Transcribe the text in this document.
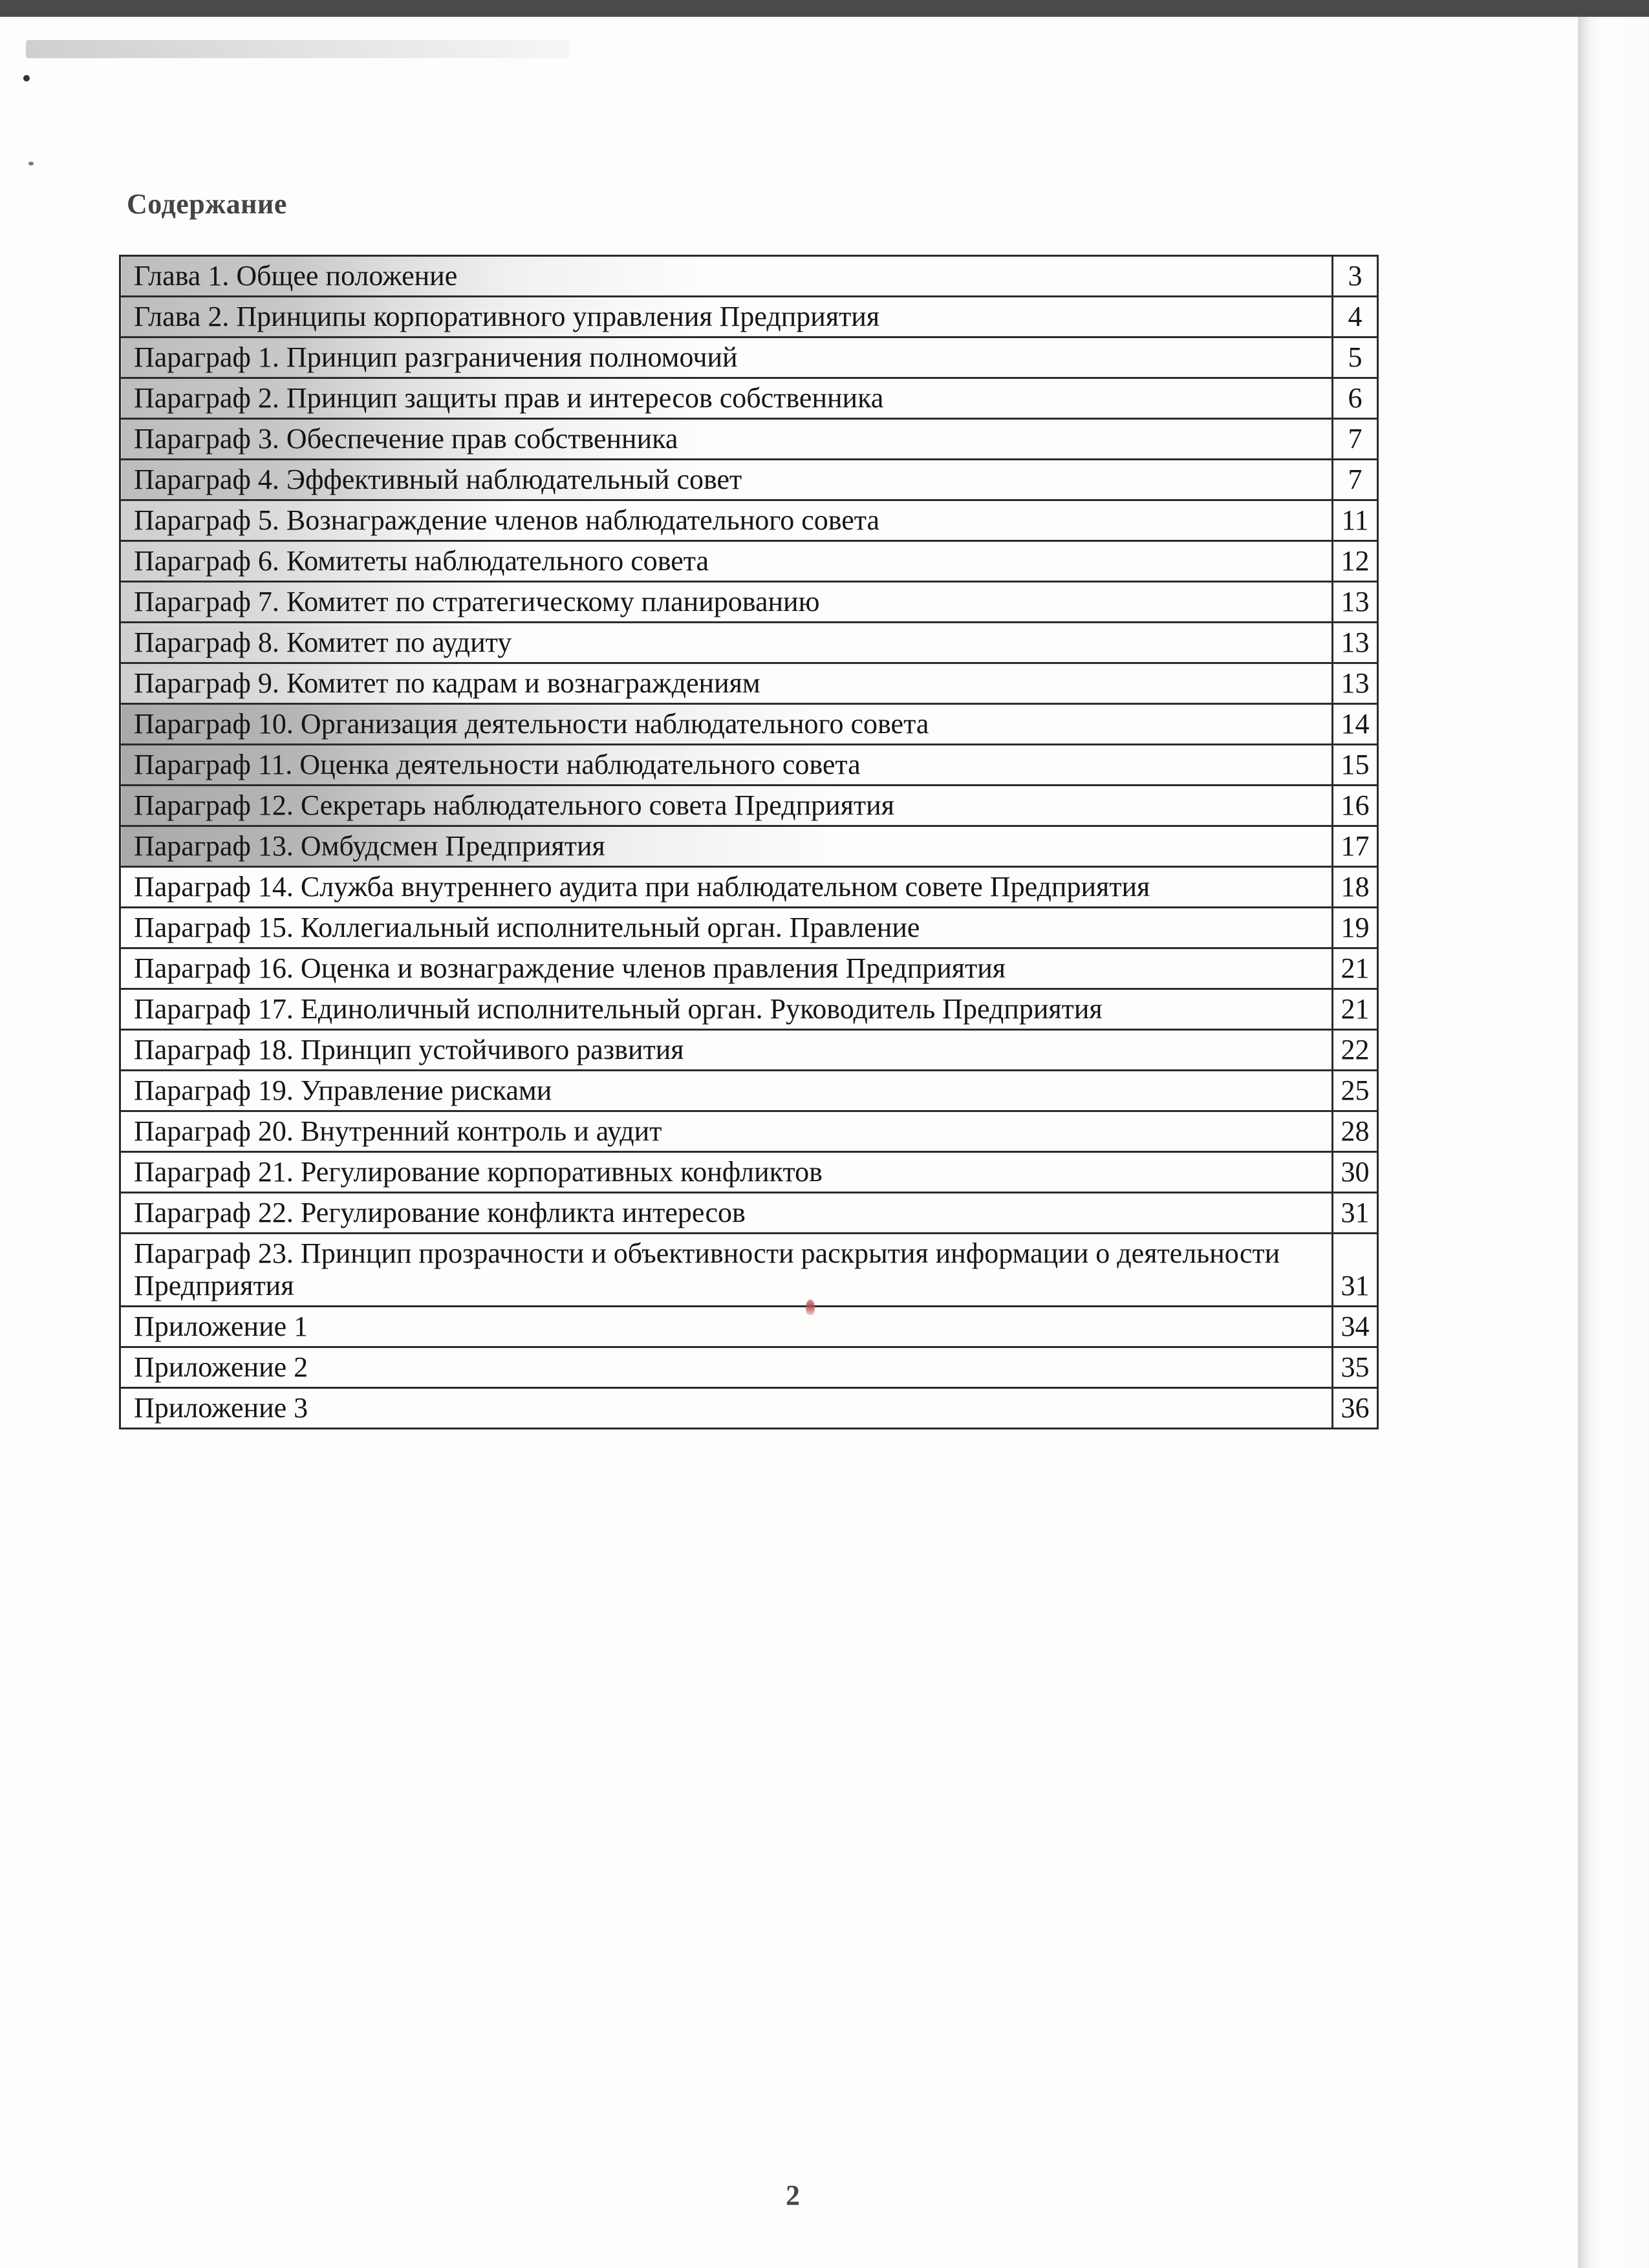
Содержание
Глава 1. Общее положение	3
Глава 2. Принципы корпоративного управления Предприятия	4
Параграф 1. Принцип разграничения полномочий	5
Параграф 2. Принцип защиты прав и интересов собственника	6
Параграф 3. Обеспечение прав собственника	7
Параграф 4. Эффективный наблюдательный совет	7
Параграф 5. Вознаграждение членов наблюдательного совета	11
Параграф 6. Комитеты наблюдательного совета	12
Параграф 7. Комитет по стратегическому планированию	13
Параграф 8. Комитет по аудиту	13
Параграф 9. Комитет по кадрам и вознаграждениям	13
Параграф 10. Организация деятельности наблюдательного совета	14
Параграф 11. Оценка деятельности наблюдательного совета	15
Параграф 12. Секретарь наблюдательного совета Предприятия	16
Параграф 13. Омбудсмен Предприятия	17
Параграф 14. Служба внутреннего аудита при наблюдательном совете Предприятия	18
Параграф 15. Коллегиальный исполнительный орган. Правление	19
Параграф 16. Оценка и вознаграждение членов правления Предприятия	21
Параграф 17. Единоличный исполнительный орган. Руководитель Предприятия	21
Параграф 18. Принцип устойчивого развития	22
Параграф 19. Управление рисками	25
Параграф 20. Внутренний контроль и аудит	28
Параграф 21. Регулирование корпоративных конфликтов	30
Параграф 22. Регулирование конфликта интересов	31
Параграф 23. Принцип прозрачности и объективности раскрытия информации о деятельности Предприятия	31
Приложение 1	34
Приложение 2	35
Приложение 3	36
2
